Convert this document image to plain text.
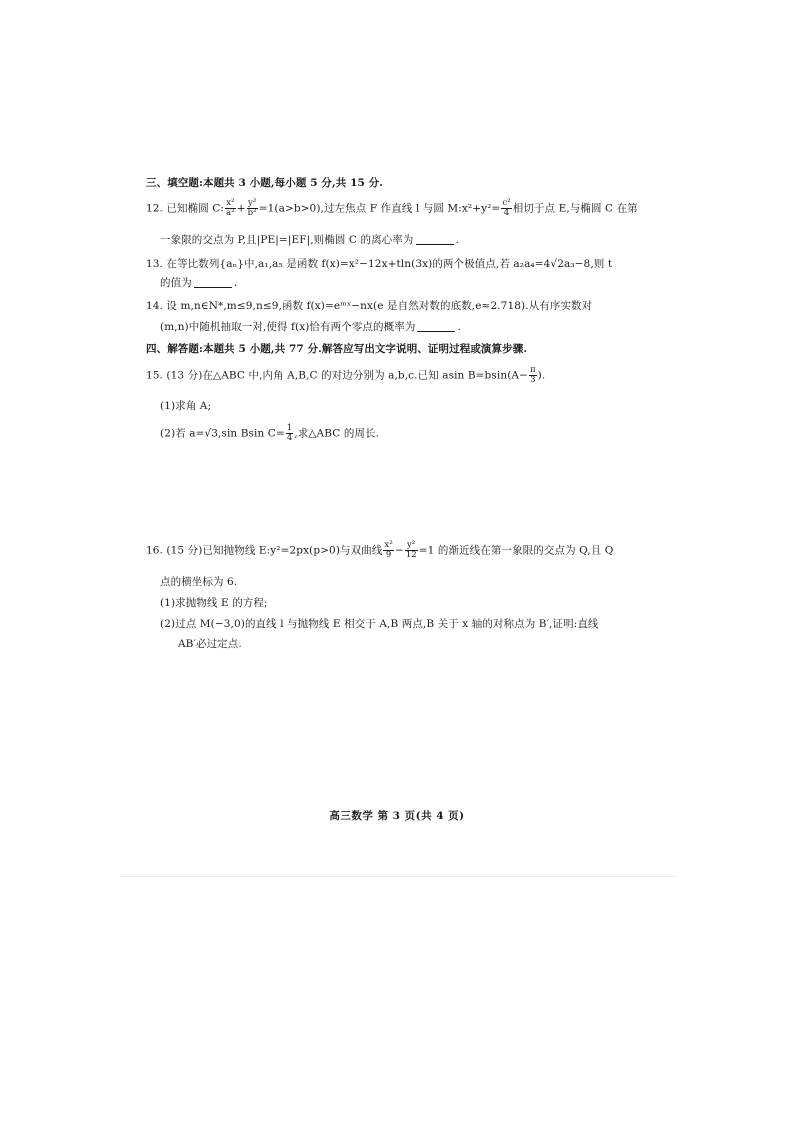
三、填空题:本题共 3 小题,每小题 5 分,共 15 分.
12. 已知椭圆 C: $\frac{\text{x²}}{\text{a²}} + \frac{\text{y²}}{\text{b²}} =1(a>b>0)$,过左焦点 F 作直线 l 与圆 M:x²+y²= $\frac{\text{c²}}{4}$ 相切于点 E,与椭圆 C 在第
一象限的交点为 P,且|PE|=|EF|,则椭圆 C 的离心率为	.
13. 在等比数列{aₙ}中,a₁,a₅ 是函数 f(x)=x²−12x+tln(3x)的两个极值点,若 a₂a₄=4√2a₃−8,则 t
的值为	.
14. 设 m,n∈N*,m≤9,n≤9,函数 f(x)=eᵐˣ−nx(e 是自然对数的底数,e≈2.718).从有序实数对
(m,n)中随机抽取一对,使得 f(x)恰有两个零点的概率为	.
四、解答题:本题共 5 小题,共 77 分.解答应写出文字说明、证明过程或演算步骤.
15. (13 分)在△ABC 中,内角 A,B,C 的对边分别为 a,b,c.已知 asin $B=bsin(A- \frac{\pi}{3}$ ).
(1)求角 A;
(2)若 a=√3,sin Bsin $C= \frac{1}{4}$ ,求△ABC 的周长.
16. (15 分)已知抛物线 E:y²=2px(p>0)与双曲线 $\frac{\text{x²}}{9} - \frac{\text{y²}}{12} =1$ 的渐近线在第一象限的交点为 Q,且 Q
点的横坐标为 6.
(1)求抛物线 E 的方程;
(2)过点 M(−3,0)的直线 l 与抛物线 E 相交于 A,B 两点,B 关于 x 轴的对称点为 B′,证明:直线
AB′必过定点.
高三数学 第 3 页(共 4 页)
